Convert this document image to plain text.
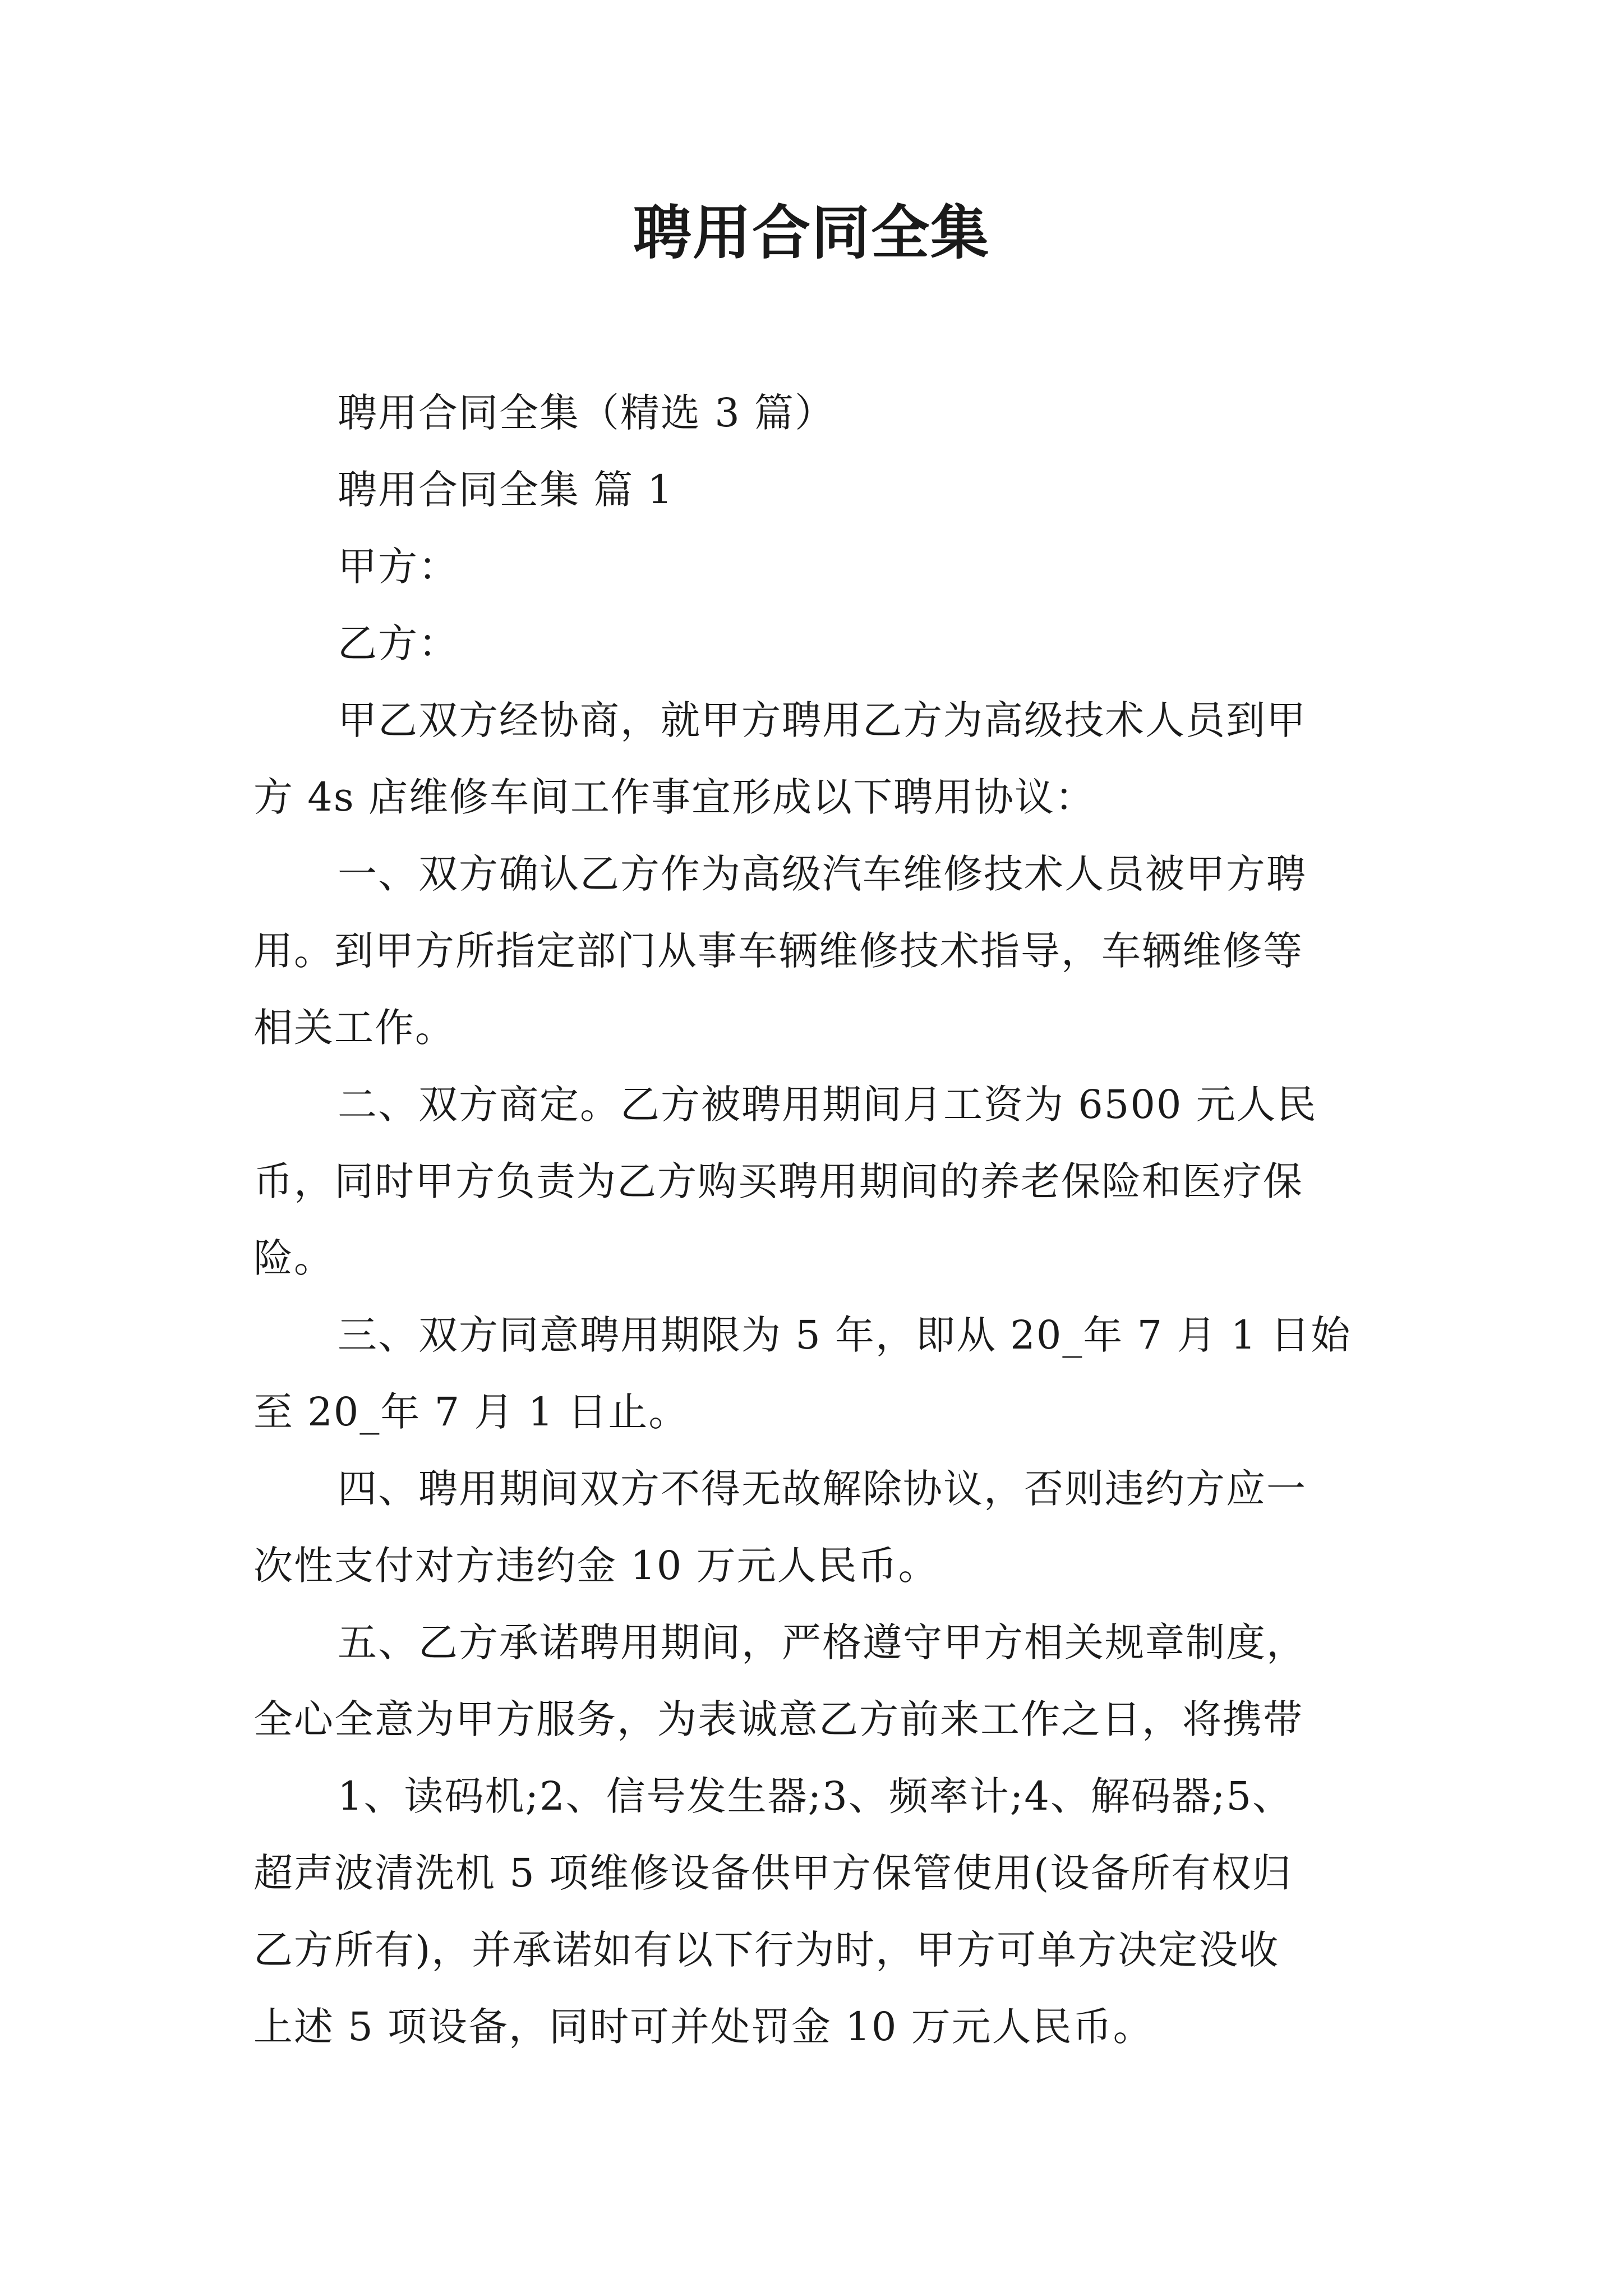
聘用合同全集

聘用合同全集（精选 3 篇）

聘用合同全集 篇 1

甲方：

乙方：

甲乙双方经协商，就甲方聘用乙方为高级技术人员到甲

方 4s 店维修车间工作事宜形成以下聘用协议：

一、双方确认乙方作为高级汽车维修技术人员被甲方聘

用。到甲方所指定部门从事车辆维修技术指导，车辆维修等

相关工作。

二、双方商定。乙方被聘用期间月工资为 6500 元人民

币，同时甲方负责为乙方购买聘用期间的养老保险和医疗保

险。

三、双方同意聘用期限为 5 年，即从 20_年 7 月 1 日始

至 20_年 7 月 1 日止。

四、聘用期间双方不得无故解除协议，否则违约方应一

次性支付对方违约金 10 万元人民币。

五、乙方承诺聘用期间，严格遵守甲方相关规章制度，

全心全意为甲方服务，为表诚意乙方前来工作之日，将携带

1、读码机;2、信号发生器;3、频率计;4、解码器;5、

超声波清洗机 5 项维修设备供甲方保管使用(设备所有权归

乙方所有)，并承诺如有以下行为时，甲方可单方决定没收

上述 5 项设备，同时可并处罚金 10 万元人民币。
